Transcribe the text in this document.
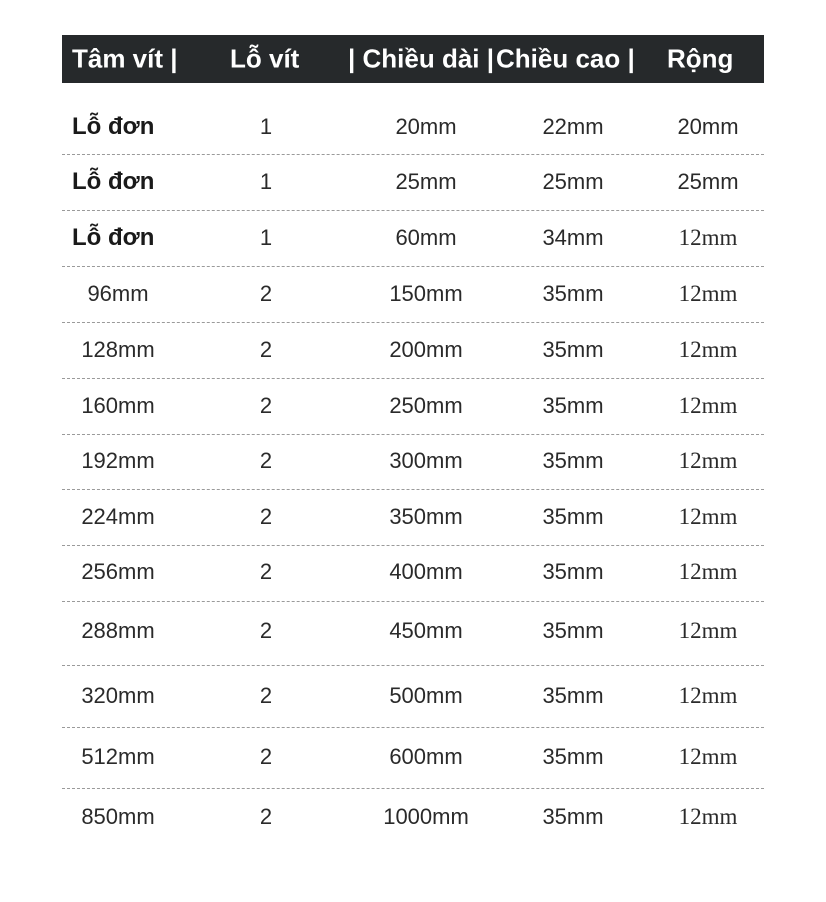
Tâm vít | Lỗ vít | Chiều dài | Chiều cao | Rộng
Lỗ đơn	1	20mm	22mm	20mm
Lỗ đơn	1	25mm	25mm	25mm
Lỗ đơn	1	60mm	34mm	12mm
96mm	2	150mm	35mm	12mm
128mm	2	200mm	35mm	12mm
160mm	2	250mm	35mm	12mm
192mm	2	300mm	35mm	12mm
224mm	2	350mm	35mm	12mm
256mm	2	400mm	35mm	12mm
288mm	2	450mm	35mm	12mm
320mm	2	500mm	35mm	12mm
512mm	2	600mm	35mm	12mm
850mm	2	1000mm	35mm	12mm
